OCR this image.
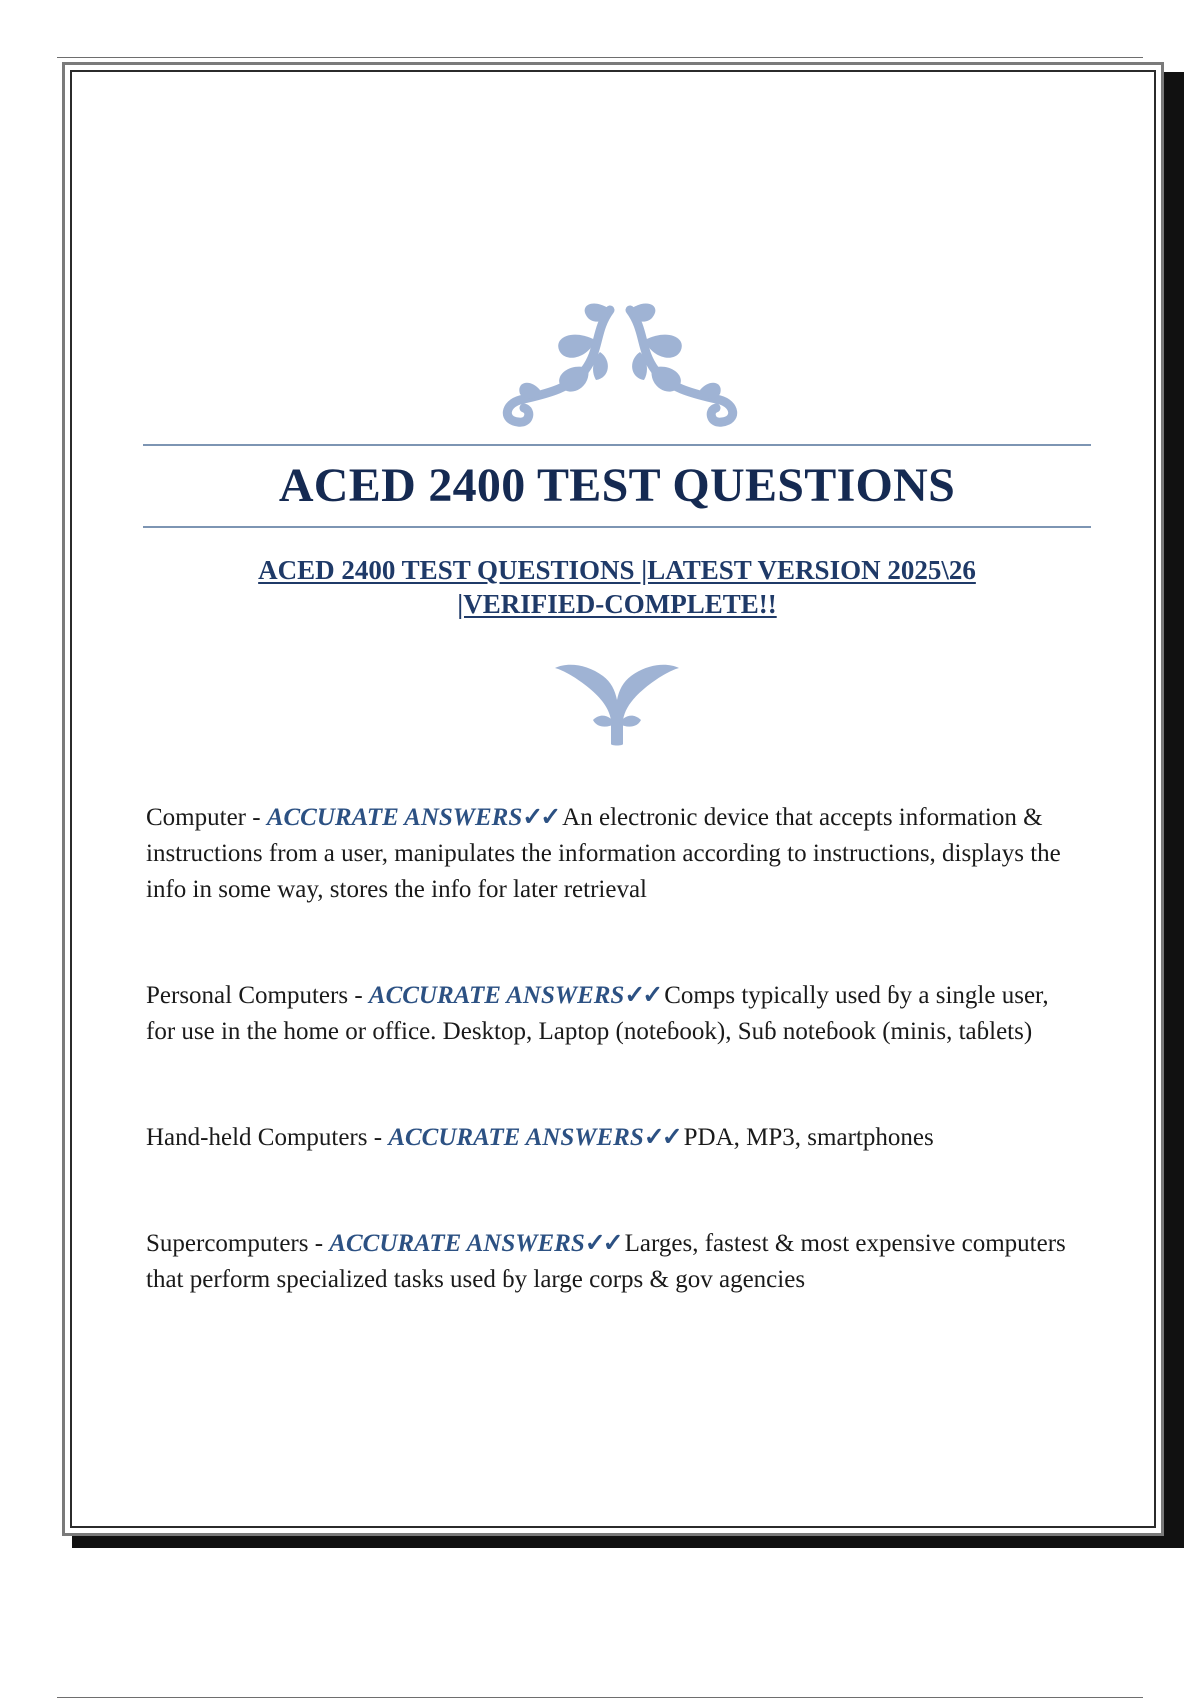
ACED 2400 TEST QUESTIONS
ACED 2400 TEST QUESTIONS |LATEST VERSION 2025\26
|VERIFIED-COMPLETE!!
Computer - ACCURATE ANSWERS✓✓ An electronic device that accepts information & instructions from a user, manipulates the information according to instructions, displays the info in some way, stores the info for later retrieval
Personal Computers - ACCURATE ANSWERS✓✓ Comps typically used ɓy a single user, for use in the home or office. Desktop, Laptop (noteɓook), Suɓ noteɓook (minis, taɓlets)
Hand-held Computers - ACCURATE ANSWERS✓✓ PDA, MP3, smartphones
Supercomputers - ACCURATE ANSWERS✓✓ Larges, fastest & most expensive computers that perform specialized tasks used ɓy large corps & gov agencies
